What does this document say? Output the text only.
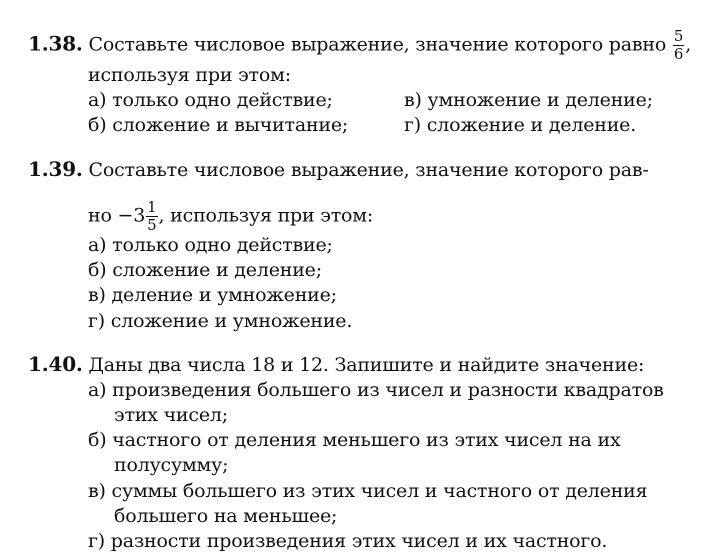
1.38. Составьте числовое выражение, значение которого равно $\frac{5}{6}$ ,
используя при этом:
а) только одно действие;	в) умножение и деление;
б) сложение и вычитание;	г) сложение и деление.
1.39. Составьте числовое выражение, значение которого рав-
но $-3 \frac{1}{5}$ , используя при этом:
а) только одно действие;
б) сложение и деление;
в) деление и умножение;
г) сложение и умножение.
1.40. Даны два числа 18 и 12. Запишите и найдите значение:
а) произведения большего из чисел и разности квадратов
этих чисел;
б) частного от деления меньшего из этих чисел на их
полусумму;
в) суммы большего из этих чисел и частного от деления
большего на меньшее;
г) разности произведения этих чисел и их частного.
